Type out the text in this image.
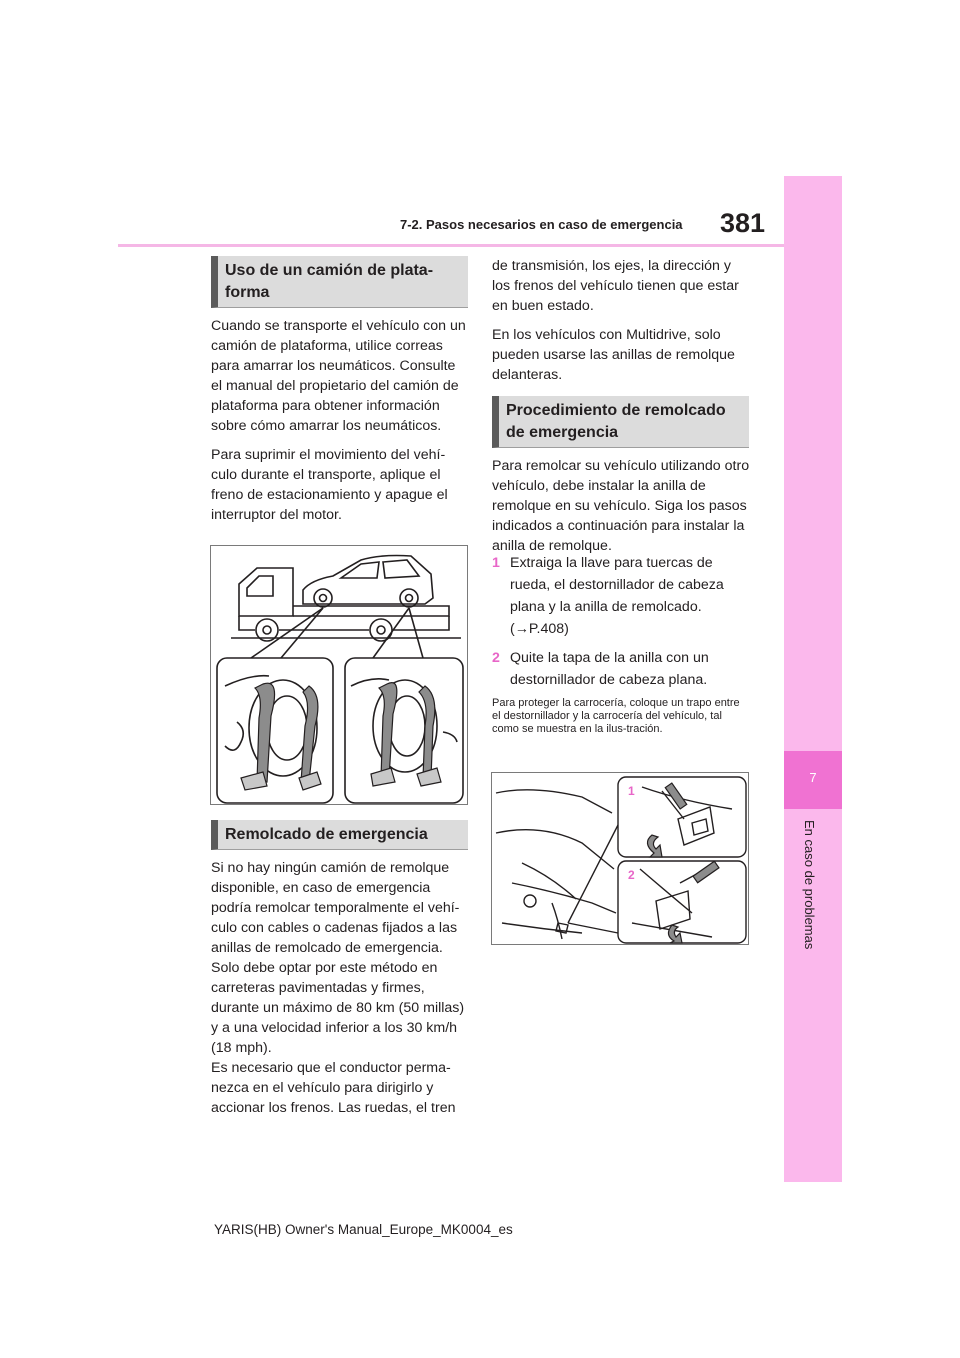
7-2. Pasos necesarios en caso de emergencia 381
7
En caso de problemas
Uso de un camión de plata-
forma

Cuando se transporte el vehículo con un camión de plataforma, utilice correas para amarrar los neumáticos. Consulte el manual del propietario del camión de plataforma para obtener información sobre cómo amarrar los neumáticos.

Para suprimir el movimiento del vehí-culo durante el transporte, aplique el freno de estacionamiento y apague el interruptor del motor.

Remolcado de emergencia
Si no hay ningún camión de remolque disponible, en caso de emergencia podría remolcar temporalmente el vehí-culo con cables o cadenas fijados a las anillas de remolcado de emergencia. Solo debe optar por este método en carreteras pavimentadas y firmes, durante un máximo de 80 km (50 millas) y a una velocidad inferior a los 30 km/h (18 mph).
Es necesario que el conductor perma-nezca en el vehículo para dirigirlo y accionar los frenos. Las ruedas, el tren

de transmisión, los ejes, la dirección y los frenos del vehículo tienen que estar en buen estado.

En los vehículos con Multidrive, solo pueden usarse las anillas de remolque delanteras.

Procedimiento de remolcado de emergencia
Para remolcar su vehículo utilizando otro vehículo, debe instalar la anilla de remolque en su vehículo. Siga los pasos indicados a continuación para instalar la anilla de remolque.
1 Extraiga la llave para tuercas de rueda, el destornillador de cabeza plana y la anilla de remolcado. (→P.408)
2 Quite la tapa de la anilla con un destornillador de cabeza plana.
Para proteger la carrocería, coloque un trapo entre el destornillador y la carrocería del vehículo, tal como se muestra en la ilus-tración.
1
2
YARIS(HB) Owner's Manual_Europe_MK0004_es
